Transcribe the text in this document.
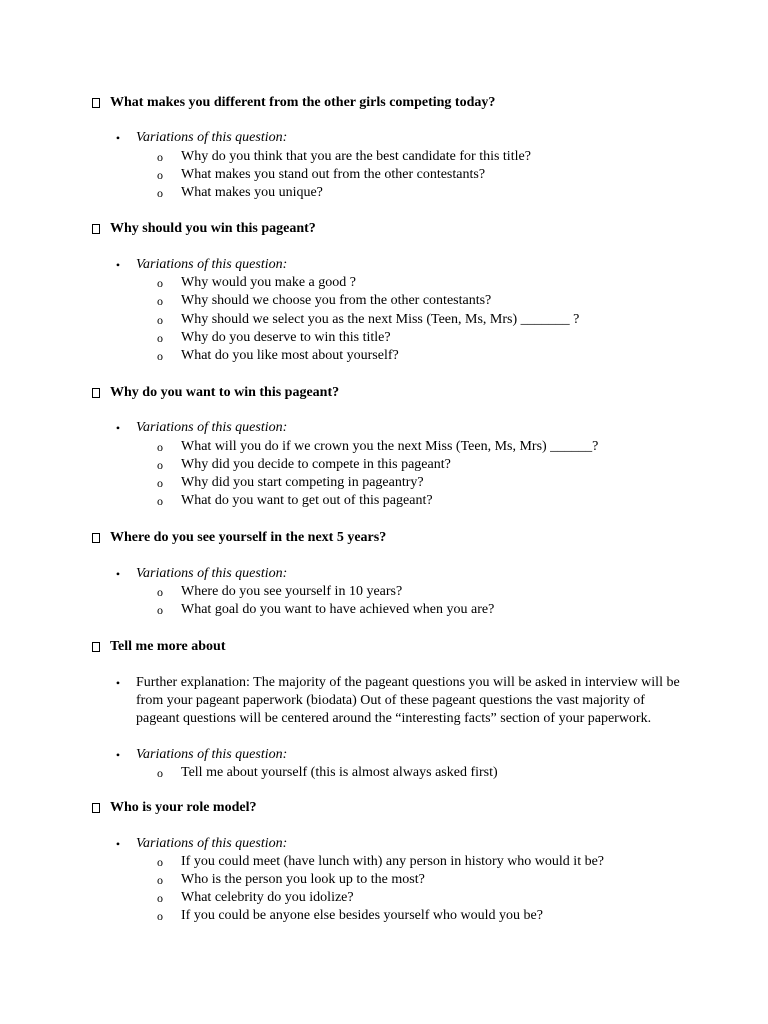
What makes you different from the other girls competing today?
• Variations of this question:
o Why do you think that you are the best candidate for this title?
o What makes you stand out from the other contestants?
o What makes you unique?
Why should you win this pageant?
• Variations of this question:
o Why would you make a good ?
o Why should we choose you from the other contestants?
o Why should we select you as the next Miss (Teen, Ms, Mrs) _______ ?
o Why do you deserve to win this title?
o What do you like most about yourself?
Why do you want to win this pageant?
• Variations of this question:
o What will you do if we crown you the next Miss (Teen, Ms, Mrs) ______?
o Why did you decide to compete in this pageant?
o Why did you start competing in pageantry?
o What do you want to get out of this pageant?
Where do you see yourself in the next 5 years?
• Variations of this question:
o Where do you see yourself in 10 years?
o What goal do you want to have achieved when you are?
Tell me more about
• Further explanation: The majority of the pageant questions you will be asked in interview will be from your pageant paperwork (biodata) Out of these pageant questions the vast majority of pageant questions will be centered around the “interesting facts” section of your paperwork.
• Variations of this question:
o Tell me about yourself (this is almost always asked first)
Who is your role model?
• Variations of this question:
o If you could meet (have lunch with) any person in history who would it be?
o Who is the person you look up to the most?
o What celebrity do you idolize?
o If you could be anyone else besides yourself who would you be?
